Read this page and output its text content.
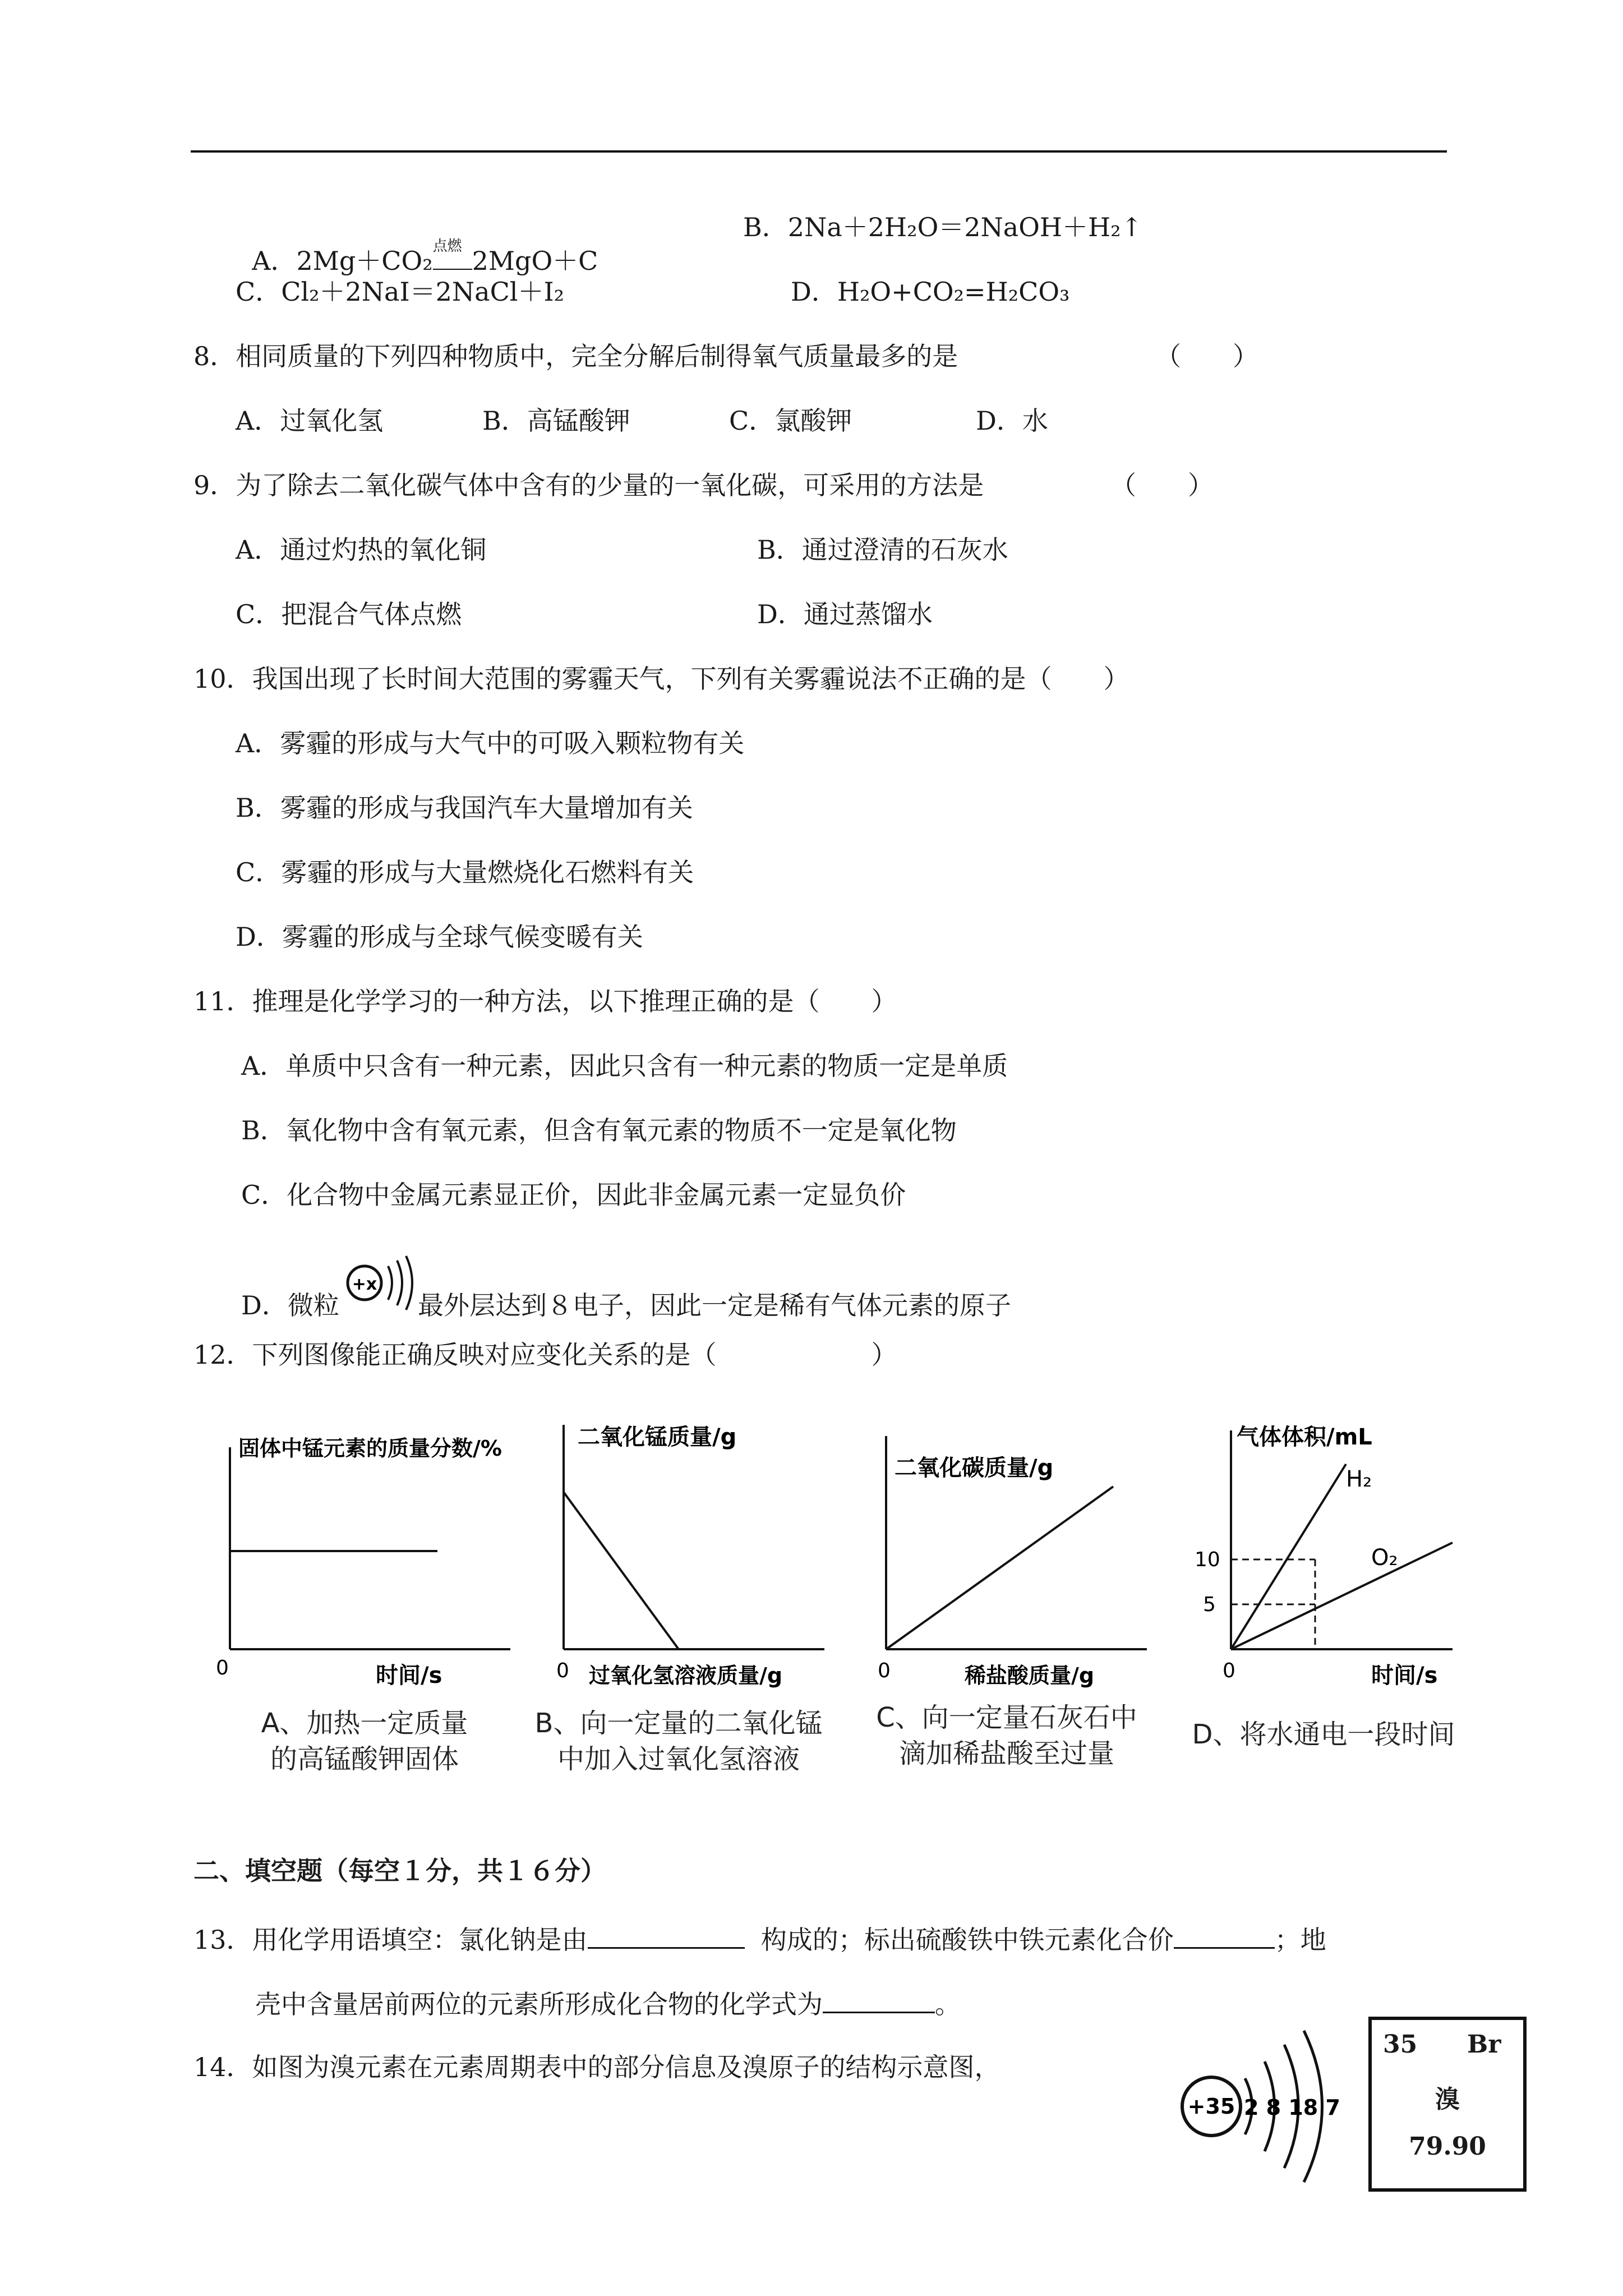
A．2Mg＋CO₂ 点燃 2MgO＋C

B．2Na＋2H₂O＝2NaOH＋H₂↑
C．Cl₂＋2NaI＝2NaCl＋I₂	D．H₂O+CO₂=H₂CO₃
8．相同质量的下列四种物质中，完全分解后制得氧气质量最多的是	（　　）
A．过氧化氢	B．高锰酸钾	C．氯酸钾	D．水
9．为了除去二氧化碳气体中含有的少量的一氧化碳，可采用的方法是	（　　）
A．通过灼热的氧化铜	B．通过澄清的石灰水
C．把混合气体点燃	D．通过蒸馏水
10．我国出现了长时间大范围的雾霾天气，下列有关雾霾说法不正确的是（　　）
A．雾霾的形成与大气中的可吸入颗粒物有关
B．雾霾的形成与我国汽车大量增加有关
C．雾霾的形成与大量燃烧化石燃料有关
D．雾霾的形成与全球气候变暖有关
11．推理是化学学习的一种方法，以下推理正确的是（　　）
A．单质中只含有一种元素，因此只含有一种元素的物质一定是单质
B．氧化物中含有氧元素，但含有氧元素的物质不一定是氧化物
C．化合物中金属元素显正价，因此非金属元素一定显负价
D．微粒
+x
最外层达到８电子，因此一定是稀有气体元素的原子
12．下列图像能正确反映对应变化关系的是（　　　　　　）
固体中锰元素的质量分数/%
0	时间/s
A、加热一定质量
的高锰酸钾固体
二氧化锰质量/g
0 过氧化氢溶液质量/g
B、向一定量的二氧化锰
中加入过氧化氢溶液
二氧化碳质量/g
0	稀盐酸质量/g
C、向一定量石灰石中
滴加稀盐酸至过量
气体体积/mL
10
5
H₂
O₂
0	时间/s
D、将水通电一段时间
二、填空题（每空１分，共１６分）
13．用化学用语填空：氯化钠是由	构成的；标出硫酸铁中铁元素化合价	；地
壳中含量居前两位的元素所形成化合物的化学式为	。
14．如图为溴元素在元素周期表中的部分信息及溴原子的结构示意图，
+35 2 8 18 7
35 Br
溴
79.90
